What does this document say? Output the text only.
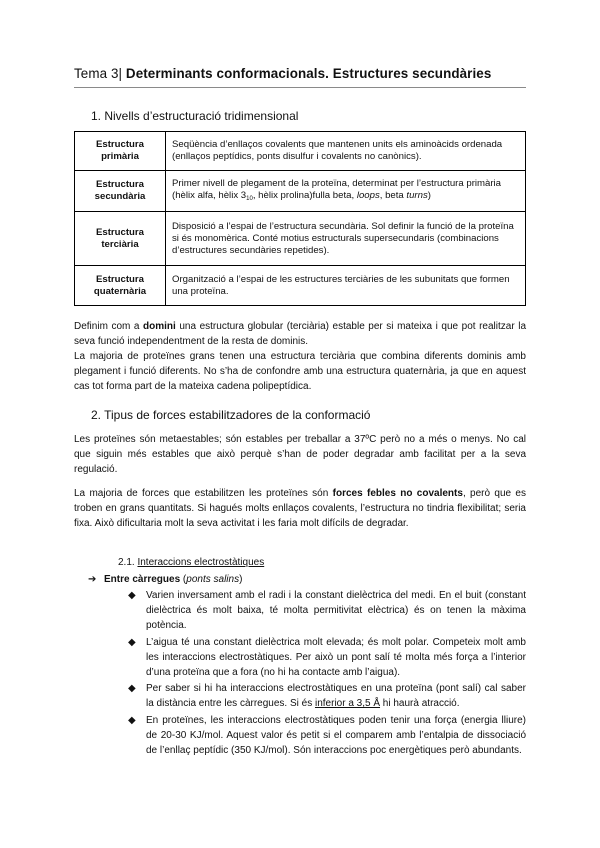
Tema 3| Determinants conformacionals. Estructures secundàries
1. Nivells d’estructuració tridimensional
Estructura primària	Seqüència d’enllaços covalents que mantenen units els aminoàcids ordenada (enllaços peptídics, ponts disulfur i covalents no canònics).
Estructura secundària	Primer nivell de plegament de la proteïna, determinat per l’estructura primària (hèlix alfa, hèlix $3_{10}$, hèlix prolina)fulla beta, loops, beta turns)
Estructura terciària	Disposició a l’espai de l’estructura secundària. Sol definir la funció de la proteïna si és monomèrica. Conté motius estructurals supersecundaris (combinacions d’estructures secundàries repetides).
Estructura quaternària	Organització a l’espai de les estructures terciàries de les subunitats que formen una proteïna.

Definim com a domini una estructura globular (terciària) estable per si mateixa i que pot realitzar la seva funció independentment de la resta de dominis.

La majoria de proteïnes grans tenen una estructura terciària que combina diferents dominis amb plegament i funció diferents. No s’ha de confondre amb una estructura quaternària, ja que en aquest cas tot forma part de la mateixa cadena polipeptídica.

2. Tipus de forces estabilitzadores de la conformació
Les proteïnes són metaestables; són estables per treballar a 37ºC però no a més o menys. No cal que siguin més estables que això perquè s’han de poder degradar amb facilitat per a la seva regulació.
La majoria de forces que estabilitzen les proteïnes són forces febles no covalents, però que es troben en grans quantitats. Si hagués molts enllaços covalents, l’estructura no tindria flexibilitat; seria fixa. Això dificultaria molt la seva activitat i les faria molt difícils de degradar.
2.1. Interaccions electrostàtiques
➔ Entre càrregues (ponts salins)
◆ Varien inversament amb el radi i la constant dielèctrica del medi. En el buit (constant dielèctrica és molt baixa, té molta permitivitat elèctrica) és on tenen la màxima potència.
◆ L’aigua té una constant dielèctrica molt elevada; és molt polar. Competeix molt amb les interaccions electrostàtiques. Per això un pont salí té molta més força a l’interior d’una proteïna que a fora (no hi ha contacte amb l’aigua).
◆ Per saber si hi ha interaccions electrostàtiques en una proteïna (pont salí) cal saber la distància entre les càrregues. Si és inferior a 3,5 Å hi haurà atracció.
◆ En proteïnes, les interaccions electrostàtiques poden tenir una força (energia lliure) de 20-30 KJ/mol. Aquest valor és petit si el comparem amb l’entalpia de dissociació de l’enllaç peptídic (350 KJ/mol). Són interaccions poc energètiques però abundants.
